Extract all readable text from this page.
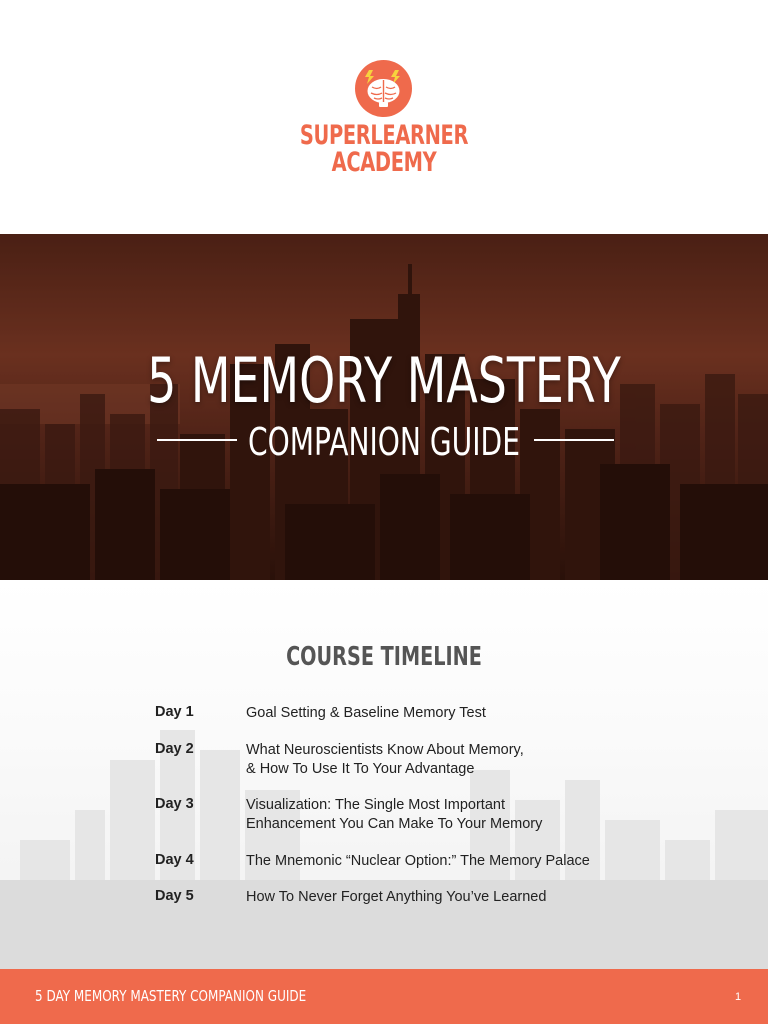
SUPERLEARNER
ACADEMY
5 MEMORY MASTERY
COMPANION GUIDE
COURSE TIMELINE
Day 1	Goal Setting & Baseline Memory Test
Day 2	What Neuroscientists Know About Memory,
& How To Use It To Your Advantage
Day 3	Visualization: The Single Most Important
Enhancement You Can Make To Your Memory
Day 4	The Mnemonic “Nuclear Option:” The Memory Palace
Day 5	How To Never Forget Anything You’ve Learned
5 DAY MEMORY MASTERY COMPANION GUIDE	1
